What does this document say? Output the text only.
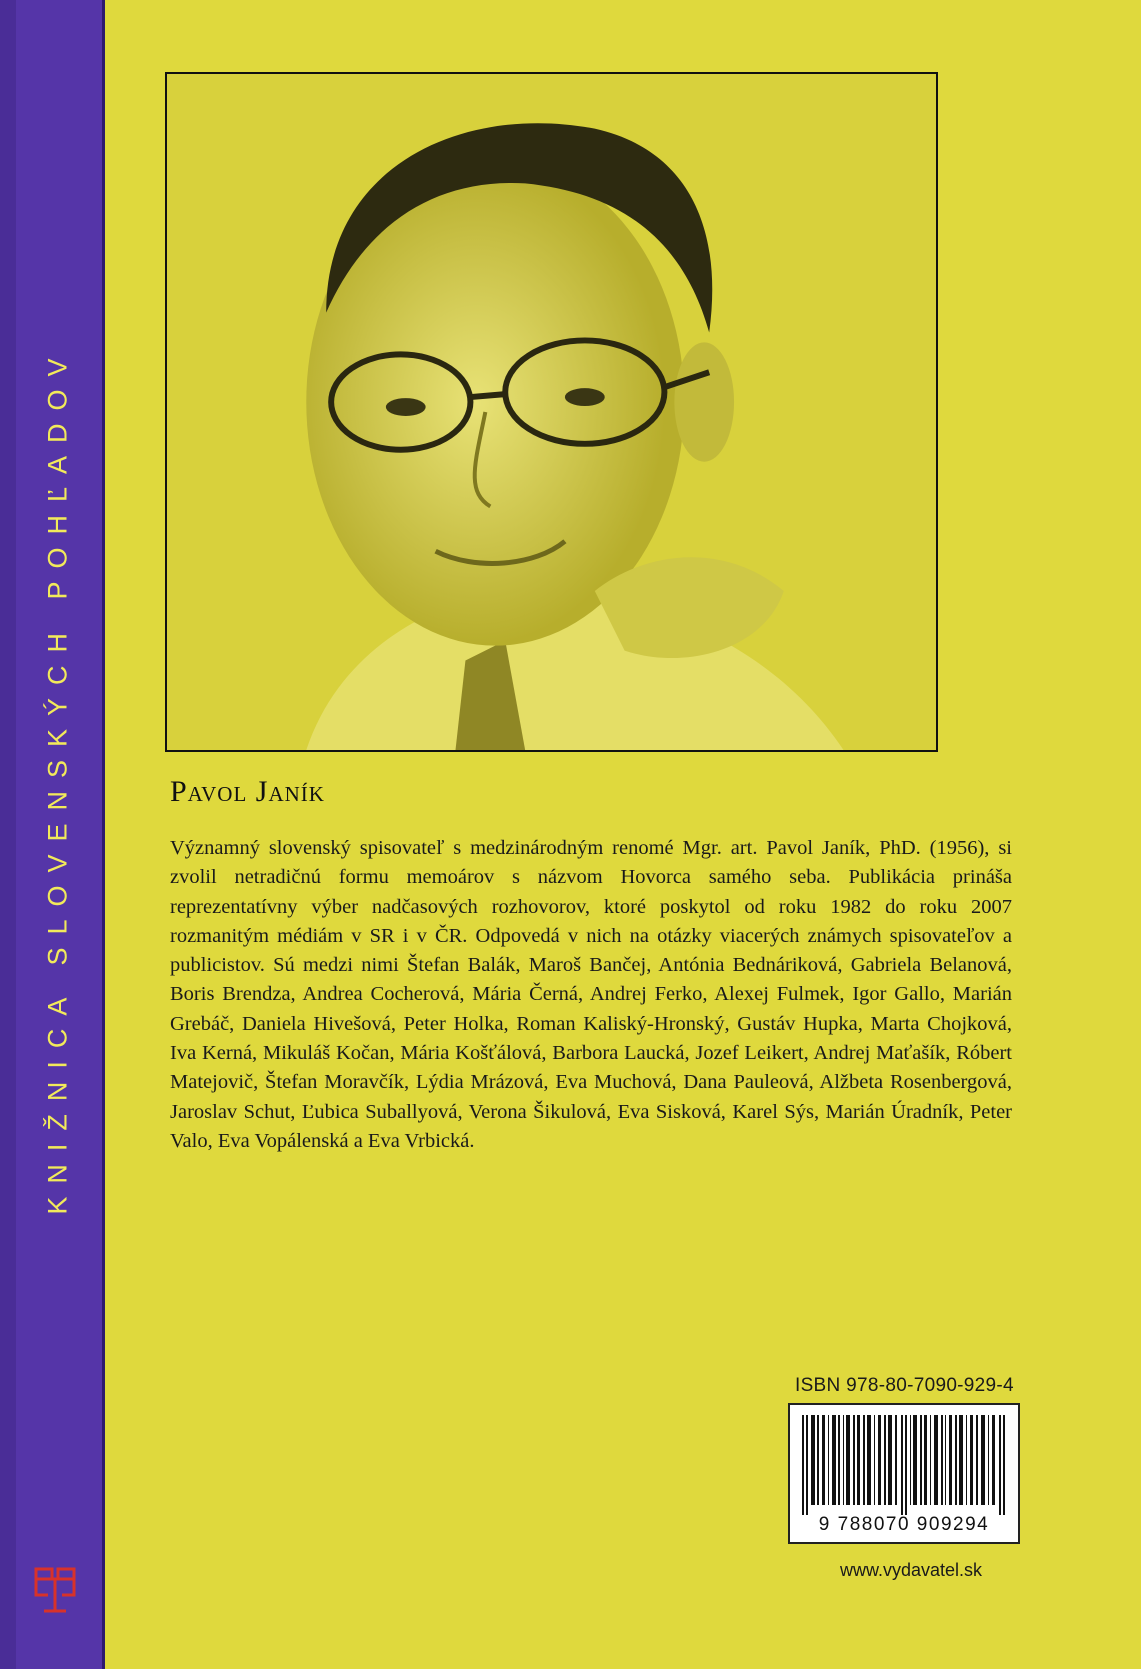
KNIŽNICA SLOVENSKÝCH POHĽADOV	Pavol Janík
Významný slovenský spisovateľ s medzinárodným renomé Mgr. art. Pavol Janík, PhD. (1956), si zvolil netradičnú formu memoárov s názvom Hovorca samého seba. Publikácia prináša reprezentatívny výber nadčasových rozhovorov, ktoré poskytol od roku 1982 do roku 2007 rozmanitým médiám v SR i v ČR. Odpovedá v nich na otázky viacerých známych spisovateľov a publicistov. Sú medzi nimi Štefan Balák, Maroš Bančej, Antónia Bednáriková, Gabriela Belanová, Boris Brendza, Andrea Cocherová, Mária Černá, Andrej Ferko, Alexej Fulmek, Igor Gallo, Marián Grebáč, Daniela Hivešová, Peter Holka, Roman Kaliský-Hronský, Gustáv Hupka, Marta Chojková, Iva Kerná, Mikuláš Kočan, Mária Košťálová, Barbora Laucká, Jozef Leikert, Andrej Maťašík, Róbert Matejovič, Štefan Moravčík, Lýdia Mrázová, Eva Muchová, Dana Pauleová, Alžbeta Rosenbergová, Jaroslav Schut, Ľubica Suballyová, Verona Šikulová, Eva Sisková, Karel Sýs, Marián Úradník, Peter Valo, Eva Vopálenská a Eva Vrbická.
ISBN 978-80-7090-929-4
9 788070 909294
www.vydavatel.sk
